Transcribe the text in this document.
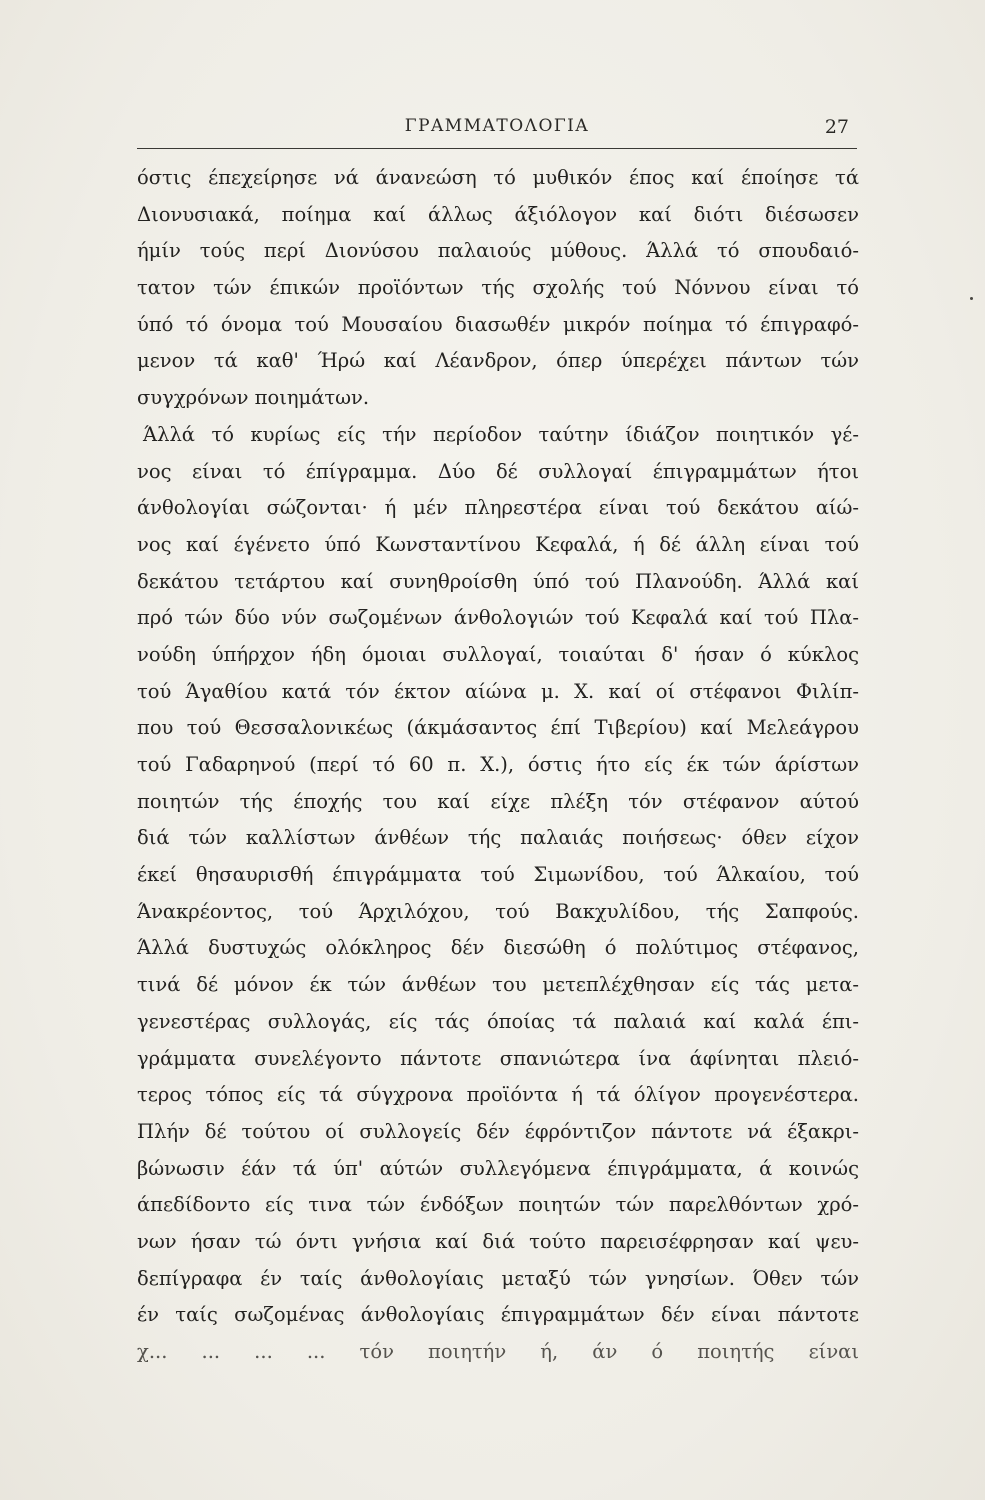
ΓΡΑΜΜΑΤΟΛΟΓΙΑ	27
όστις έπεχείρησε νά άνανεώση τό μυθικόν έπος καί έποίησε τά
Διονυσιακά, ποίημα καί άλλως άξιόλογον καί διότι διέσωσεν
ήμίν τούς περί Διονύσου παλαιούς μύθους. Άλλά τό σπουδαιό-
τατον τών έπικών προϊόντων τής σχολής τού Νόννου είναι τό
ύπό τό όνομα τού Μουσαίου διασωθέν μικρόν ποίημα τό έπιγραφό-
μενον τά καθ' Ήρώ καί Λέανδρον, όπερ ύπερέχει πάντων τών
συγχρόνων ποιημάτων.
Άλλά τό κυρίως είς τήν περίοδον ταύτην ίδιάζον ποιητικόν γέ-
νος είναι τό έπίγραμμα. Δύο δέ συλλογαί έπιγραμμάτων ήτοι
άνθολογίαι σώζονται· ή μέν πληρεστέρα είναι τού δεκάτου αίώ-
νος καί έγένετο ύπό Κωνσταντίνου Κεφαλά, ή δέ άλλη είναι τού
δεκάτου τετάρτου καί συνηθροίσθη ύπό τού Πλανούδη. Άλλά καί
πρό τών δύο νύν σωζομένων άνθολογιών τού Κεφαλά καί τού Πλα-
νούδη ύπήρχον ήδη όμοιαι συλλογαί, τοιαύται δ' ήσαν ό κύκλος
τού Άγαθίου κατά τόν έκτον αίώνα μ. Χ. καί οί στέφανοι Φιλίπ-
που τού Θεσσαλονικέως (άκμάσαντος έπί Τιβερίου) καί Μελεάγρου
τού Γαδαρηνού (περί τό 60 π. Χ.), όστις ήτο είς έκ τών άρίστων
ποιητών τής έποχής του καί είχε πλέξη τόν στέφανον αύτού
διά τών καλλίστων άνθέων τής παλαιάς ποιήσεως· όθεν είχον
έκεί θησαυρισθή έπιγράμματα τού Σιμωνίδου, τού Άλκαίου, τού
Άνακρέοντος, τού Άρχιλόχου, τού Βακχυλίδου, τής Σαπφούς.
Άλλά δυστυχώς ολόκληρος δέν διεσώθη ό πολύτιμος στέφανος,
τινά δέ μόνον έκ τών άνθέων του μετεπλέχθησαν είς τάς μετα-
γενεστέρας συλλογάς, είς τάς όποίας τά παλαιά καί καλά έπι-
γράμματα συνελέγοντο πάντοτε σπανιώτερα ίνα άφίνηται πλειό-
τερος τόπος είς τά σύγχρονα προϊόντα ή τά όλίγον προγενέστερα.
Πλήν δέ τούτου οί συλλογείς δέν έφρόντιζον πάντοτε νά έξακρι-
βώνωσιν έάν τά ύπ' αύτών συλλεγόμενα έπιγράμματα, ά κοινώς
άπεδίδοντο είς τινα τών ένδόξων ποιητών τών παρελθόντων χρό-
νων ήσαν τώ όντι γνήσια καί διά τούτο παρεισέφρησαν καί ψευ-
δεπίγραφα έν ταίς άνθολογίαις μεταξύ τών γνησίων. Όθεν τών
έν ταίς σωζομένας άνθολογίαις έπιγραμμάτων δέν είναι πάντοτε
χ... ... ... ... τόν ποιητήν ή, άν ό ποιητής είναι
